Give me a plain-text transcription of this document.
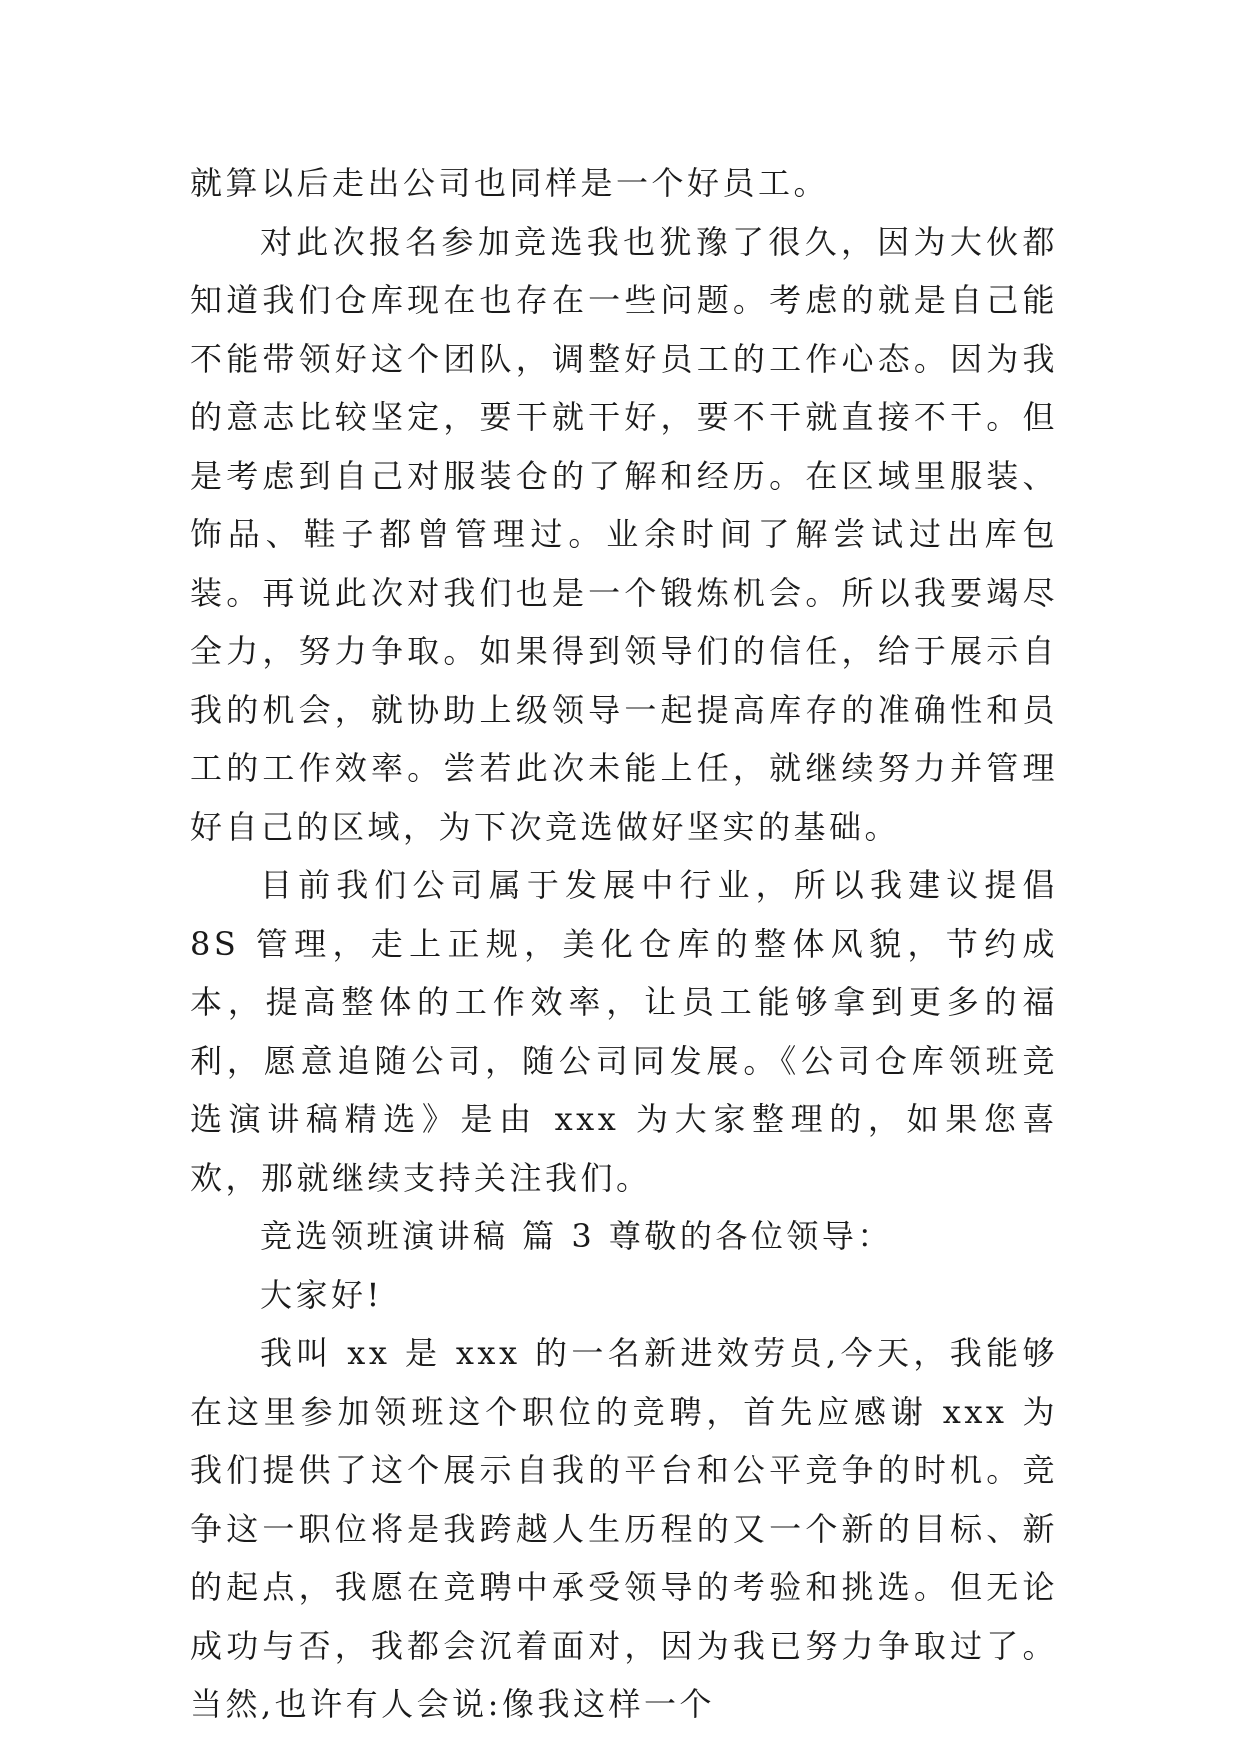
就算以后走出公司也同样是一个好员工。

对此次报名参加竞选我也犹豫了很久，因为大伙都知道我们仓库现在也存在一些问题。考虑的就是自己能不能带领好这个团队，调整好员工的工作心态。因为我的意志比较坚定，要干就干好，要不干就直接不干。但是考虑到自己对服装仓的了解和经历。在区域里服装、饰品、鞋子都曾管理过。业余时间了解尝试过出库包装。再说此次对我们也是一个锻炼机会。所以我要竭尽全力，努力争取。如果得到领导们的信任，给于展示自我的机会，就协助上级领导一起提高库存的准确性和员工的工作效率。尝若此次未能上任，就继续努力并管理好自己的区域，为下次竞选做好坚实的基础。

目前我们公司属于发展中行业，所以我建议提倡 8S 管理，走上正规，美化仓库的整体风貌，节约成本，提高整体的工作效率，让员工能够拿到更多的福利，愿意追随公司，随公司同发展。《公司仓库领班竞选演讲稿精选》是由 xxx 为大家整理的，如果您喜欢，那就继续支持关注我们。

竞选领班演讲稿 篇 3 尊敬的各位领导：

大家好!

我叫 xx 是 xxx 的一名新进效劳员,今天，我能够在这里参加领班这个职位的竞聘，首先应感谢 xxx 为我们提供了这个展示自我的平台和公平竞争的时机。竞争这一职位将是我跨越人生历程的又一个新的目标、新的起点，我愿在竞聘中承受领导的考验和挑选。但无论成功与否，我都会沉着面对，因为我已努力争取过了。当然,也许有人会说:像我这样一个
